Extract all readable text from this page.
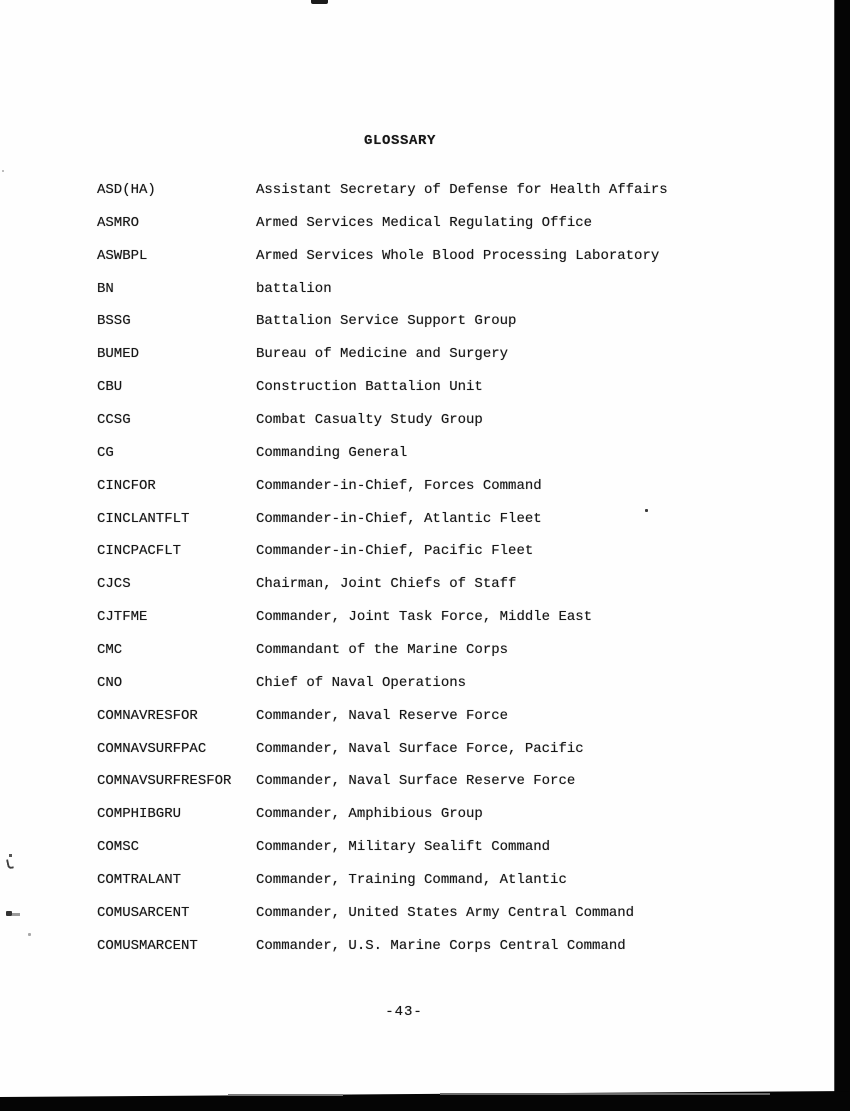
GLOSSARY
ASD(HA)	Assistant Secretary of Defense for Health Affairs
ASMRO	Armed Services Medical Regulating Office
ASWBPL	Armed Services Whole Blood Processing Laboratory
BN	battalion
BSSG	Battalion Service Support Group
BUMED	Bureau of Medicine and Surgery
CBU	Construction Battalion Unit
CCSG	Combat Casualty Study Group
CG	Commanding General
CINCFOR	Commander-in-Chief, Forces Command
CINCLANTFLT	Commander-in-Chief, Atlantic Fleet
CINCPACFLT	Commander-in-Chief, Pacific Fleet
CJCS	Chairman, Joint Chiefs of Staff
CJTFME	Commander, Joint Task Force, Middle East
CMC	Commandant of the Marine Corps
CNO	Chief of Naval Operations
COMNAVRESFOR	Commander, Naval Reserve Force
COMNAVSURFPAC	Commander, Naval Surface Force, Pacific
COMNAVSURFRESFOR	Commander, Naval Surface Reserve Force
COMPHIBGRU	Commander, Amphibious Group
COMSC	Commander, Military Sealift Command
COMTRALANT	Commander, Training Command, Atlantic
COMUSARCENT	Commander, United States Army Central Command
COMUSMARCENT	Commander, U.S. Marine Corps Central Command
-43-
